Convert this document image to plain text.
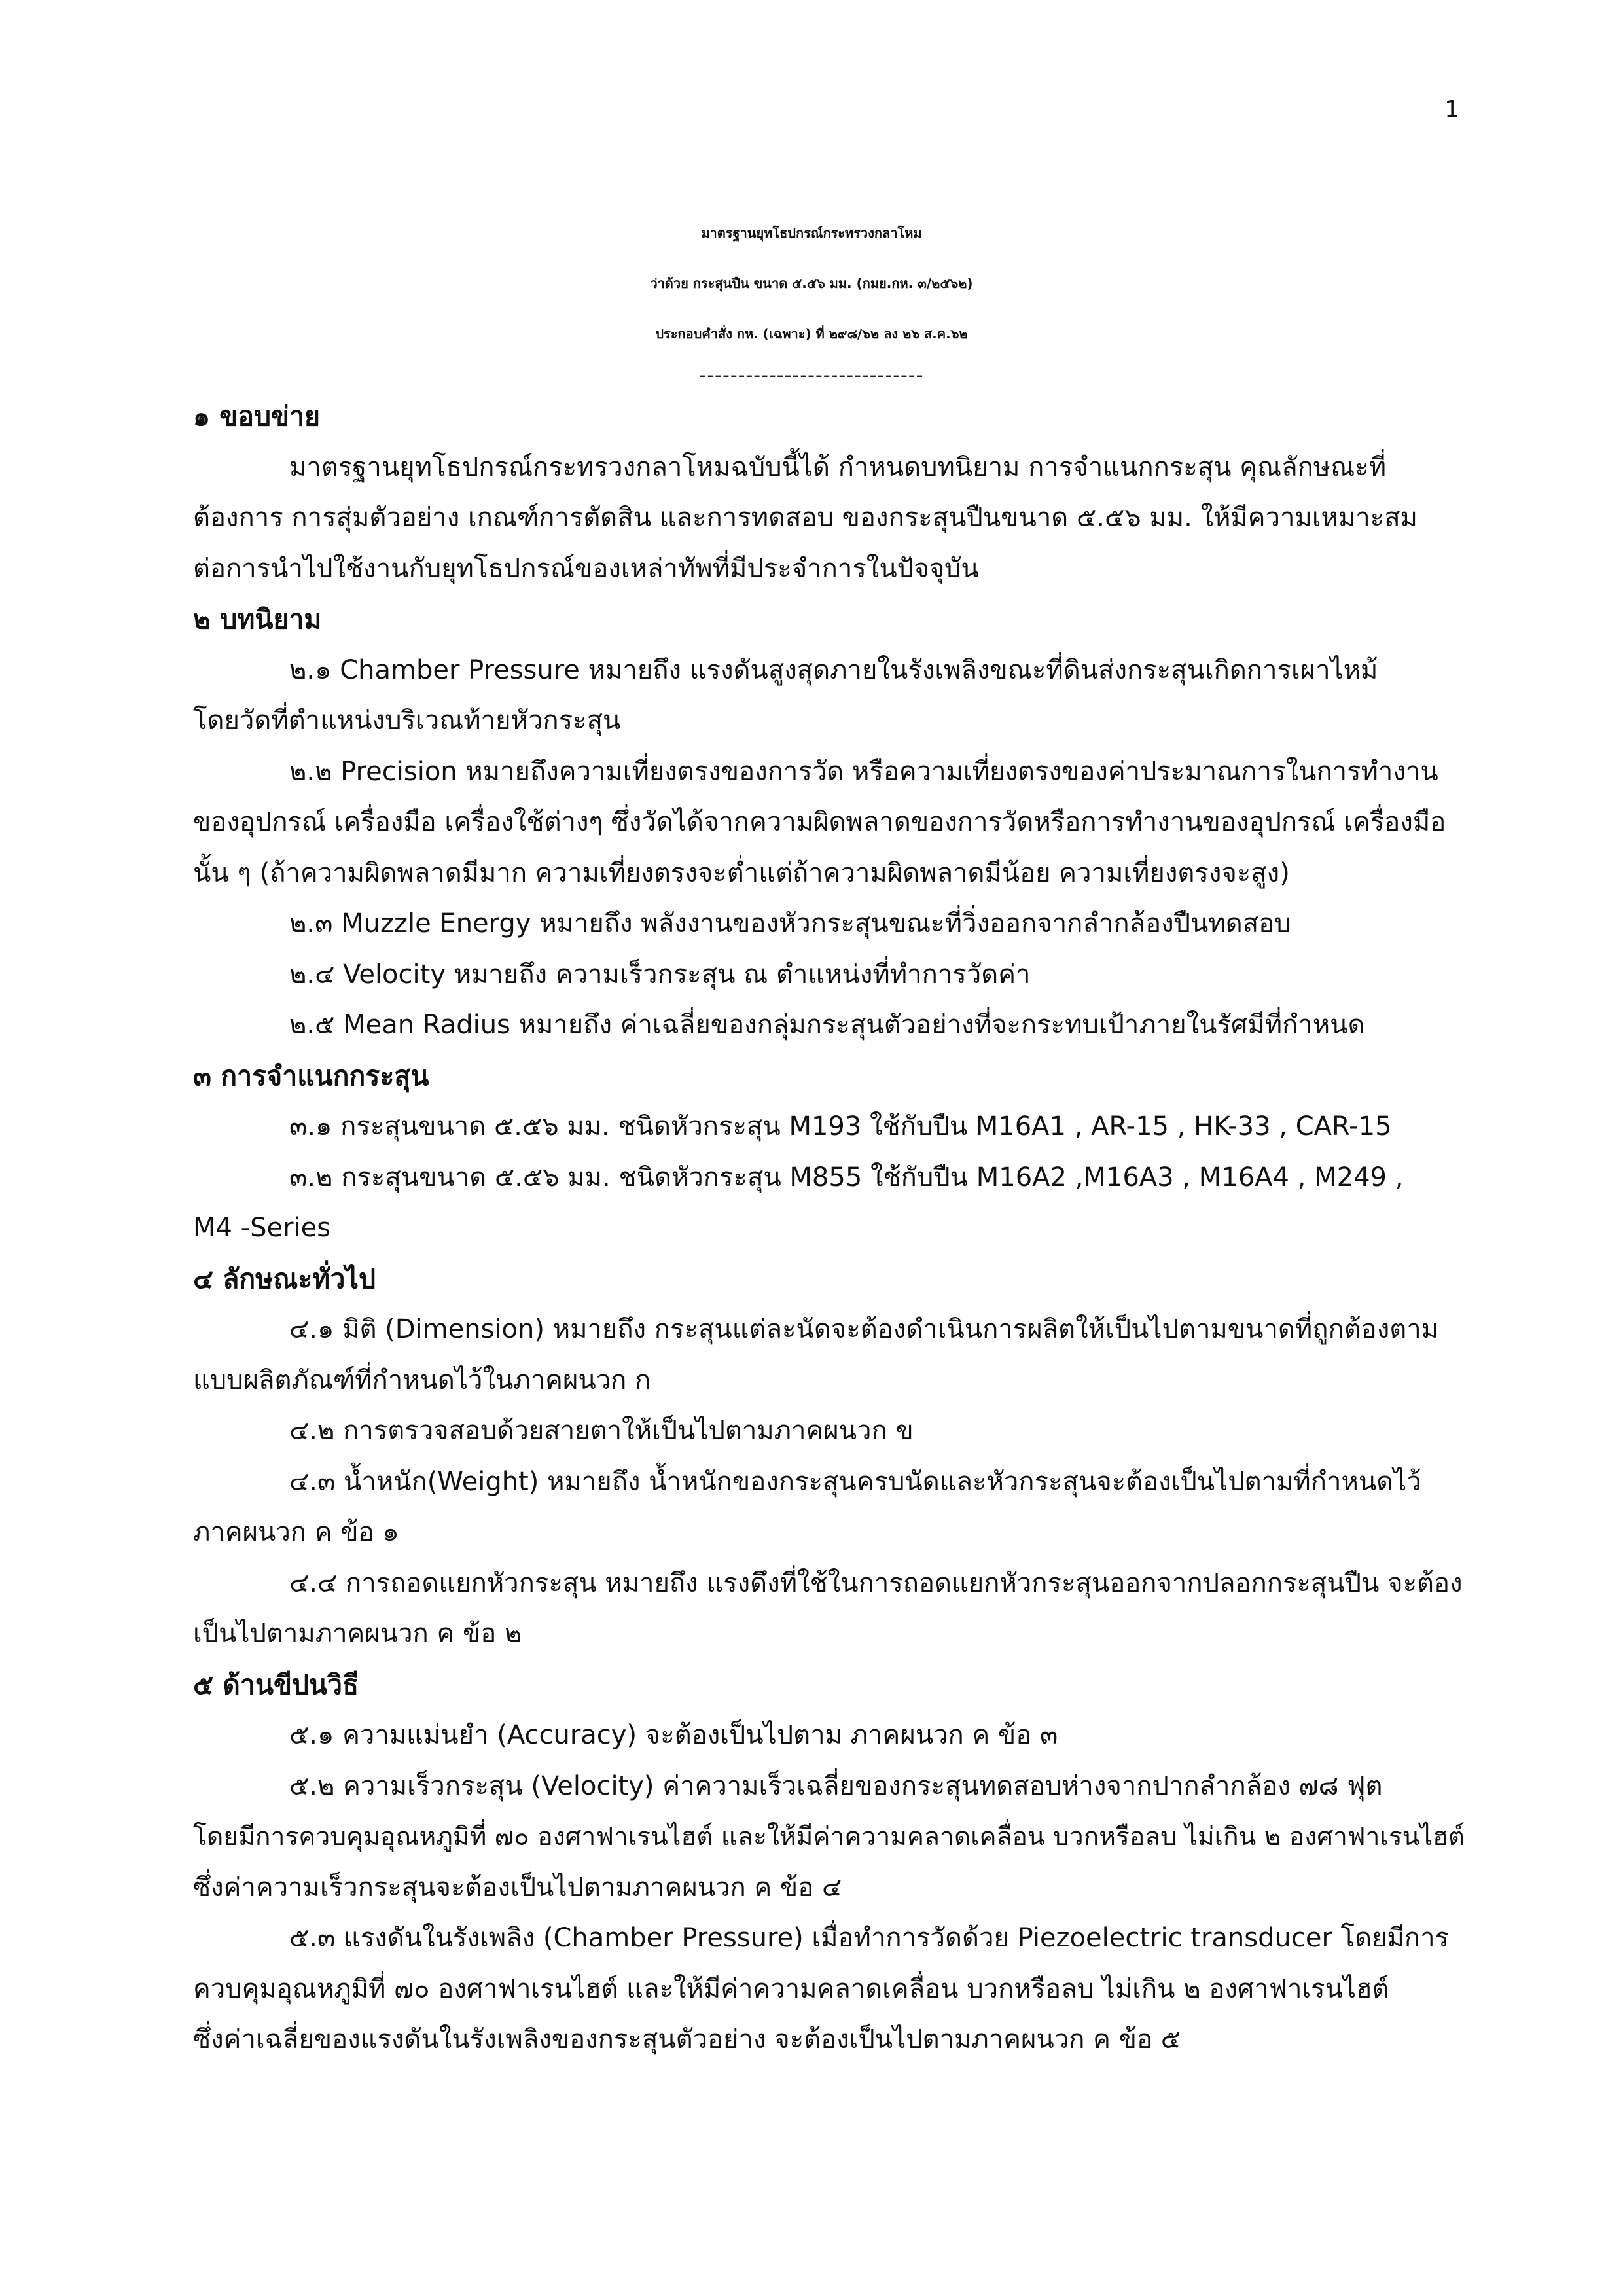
1
มาตรฐานยุทโธปกรณ์กระทรวงกลาโหม
ว่าด้วย กระสุนปืน ขนาด ๕.๕๖ มม. (กมย.กห. ๓/๒๕๖๒)
ประกอบคำสั่ง กห. (เฉพาะ) ที่ ๒๙๘/๖๒ ลง ๒๖ ส.ค.๖๒
-----------------------------
๑ ขอบข่าย
มาตรฐานยุทโธปกรณ์กระทรวงกลาโหมฉบับนี้ได้ กำหนดบทนิยาม การจำแนกกระสุน คุณลักษณะที่
ต้องการ การสุ่มตัวอย่าง เกณฑ์การตัดสิน และการทดสอบ ของกระสุนปืนขนาด ๕.๕๖ มม. ให้มีความเหมาะสม
ต่อการนำไปใช้งานกับยุทโธปกรณ์ของเหล่าทัพที่มีประจำการในปัจจุบัน
๒ บทนิยาม
๒.๑ Chamber Pressure หมายถึง แรงดันสูงสุดภายในรังเพลิงขณะที่ดินส่งกระสุนเกิดการเผาไหม้
โดยวัดที่ตำแหน่งบริเวณท้ายหัวกระสุน
๒.๒ Precision หมายถึงความเที่ยงตรงของการวัด หรือความเที่ยงตรงของค่าประมาณการในการทำงาน
ของอุปกรณ์ เครื่องมือ เครื่องใช้ต่างๆ ซึ่งวัดได้จากความผิดพลาดของการวัดหรือการทำงานของอุปกรณ์ เครื่องมือ
นั้น ๆ (ถ้าความผิดพลาดมีมาก ความเที่ยงตรงจะต่ำแต่ถ้าความผิดพลาดมีน้อย ความเที่ยงตรงจะสูง)
๒.๓ Muzzle Energy หมายถึง พลังงานของหัวกระสุนขณะที่วิ่งออกจากลำกล้องปืนทดสอบ
๒.๔ Velocity หมายถึง ความเร็วกระสุน ณ ตำแหน่งที่ทำการวัดค่า
๒.๕ Mean Radius หมายถึง ค่าเฉลี่ยของกลุ่มกระสุนตัวอย่างที่จะกระทบเป้าภายในรัศมีที่กำหนด
๓ การจำแนกกระสุน
๓.๑ กระสุนขนาด ๕.๕๖ มม. ชนิดหัวกระสุน M193 ใช้กับปืน M16A1 , AR-15 , HK-33 , CAR-15
๓.๒ กระสุนขนาด ๕.๕๖ มม. ชนิดหัวกระสุน M855 ใช้กับปืน M16A2 ,M16A3 , M16A4 , M249 ,
M4 -Series
๔ ลักษณะทั่วไป
๔.๑ มิติ (Dimension) หมายถึง กระสุนแต่ละนัดจะต้องดำเนินการผลิตให้เป็นไปตามขนาดที่ถูกต้องตาม
แบบผลิตภัณฑ์ที่กำหนดไว้ในภาคผนวก ก
๔.๒ การตรวจสอบด้วยสายตาให้เป็นไปตามภาคผนวก ข
๔.๓ น้ำหนัก(Weight) หมายถึง น้ำหนักของกระสุนครบนัดและหัวกระสุนจะต้องเป็นไปตามที่กำหนดไว้
ภาคผนวก ค ข้อ ๑
๔.๔ การถอดแยกหัวกระสุน หมายถึง แรงดึงที่ใช้ในการถอดแยกหัวกระสุนออกจากปลอกกระสุนปืน จะต้อง
เป็นไปตามภาคผนวก ค ข้อ ๒
๕ ด้านขีปนวิธี
๕.๑ ความแม่นยำ (Accuracy) จะต้องเป็นไปตาม ภาคผนวก ค ข้อ ๓
๕.๒ ความเร็วกระสุน (Velocity) ค่าความเร็วเฉลี่ยของกระสุนทดสอบห่างจากปากลำกล้อง ๗๘ ฟุต
โดยมีการควบคุมอุณหภูมิที่ ๗๐ องศาฟาเรนไฮต์ และให้มีค่าความคลาดเคลื่อน บวกหรือลบ ไม่เกิน ๒ องศาฟาเรนไฮต์
ซึ่งค่าความเร็วกระสุนจะต้องเป็นไปตามภาคผนวก ค ข้อ ๔
๕.๓ แรงดันในรังเพลิง (Chamber Pressure) เมื่อทำการวัดด้วย Piezoelectric transducer โดยมีการ
ควบคุมอุณหภูมิที่ ๗๐ องศาฟาเรนไฮต์ และให้มีค่าความคลาดเคลื่อน บวกหรือลบ ไม่เกิน ๒ องศาฟาเรนไฮต์
ซึ่งค่าเฉลี่ยของแรงดันในรังเพลิงของกระสุนตัวอย่าง จะต้องเป็นไปตามภาคผนวก ค ข้อ ๕
